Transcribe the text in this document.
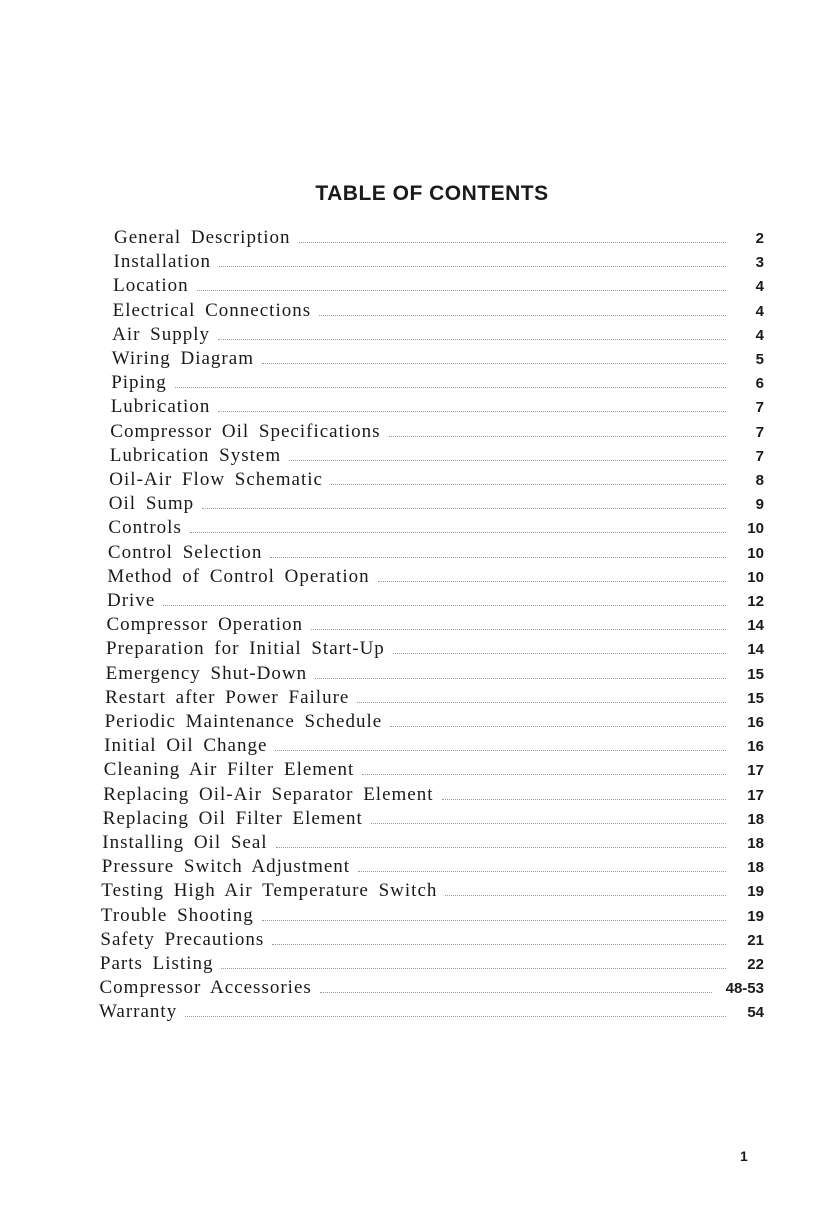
TABLE OF CONTENTS
General Description	2
Installation	3
Location	4
Electrical Connections	4
Air Supply	4
Wiring Diagram	5
Piping	6
Lubrication	7
Compressor Oil Specifications	7
Lubrication System	7
Oil-Air Flow Schematic	8
Oil Sump	9
Controls	10
Control Selection	10
Method of Control Operation	10
Drive	12
Compressor Operation	14
Preparation for Initial Start-Up	14
Emergency Shut-Down	15
Restart after Power Failure	15
Periodic Maintenance Schedule	16
Initial Oil Change	16
Cleaning Air Filter Element	17
Replacing Oil-Air Separator Element	17
Replacing Oil Filter Element	18
Installing Oil Seal	18
Pressure Switch Adjustment	18
Testing High Air Temperature Switch	19
Trouble Shooting	19
Safety Precautions	21
Parts Listing	22
Compressor Accessories	48-53
Warranty	54

1
